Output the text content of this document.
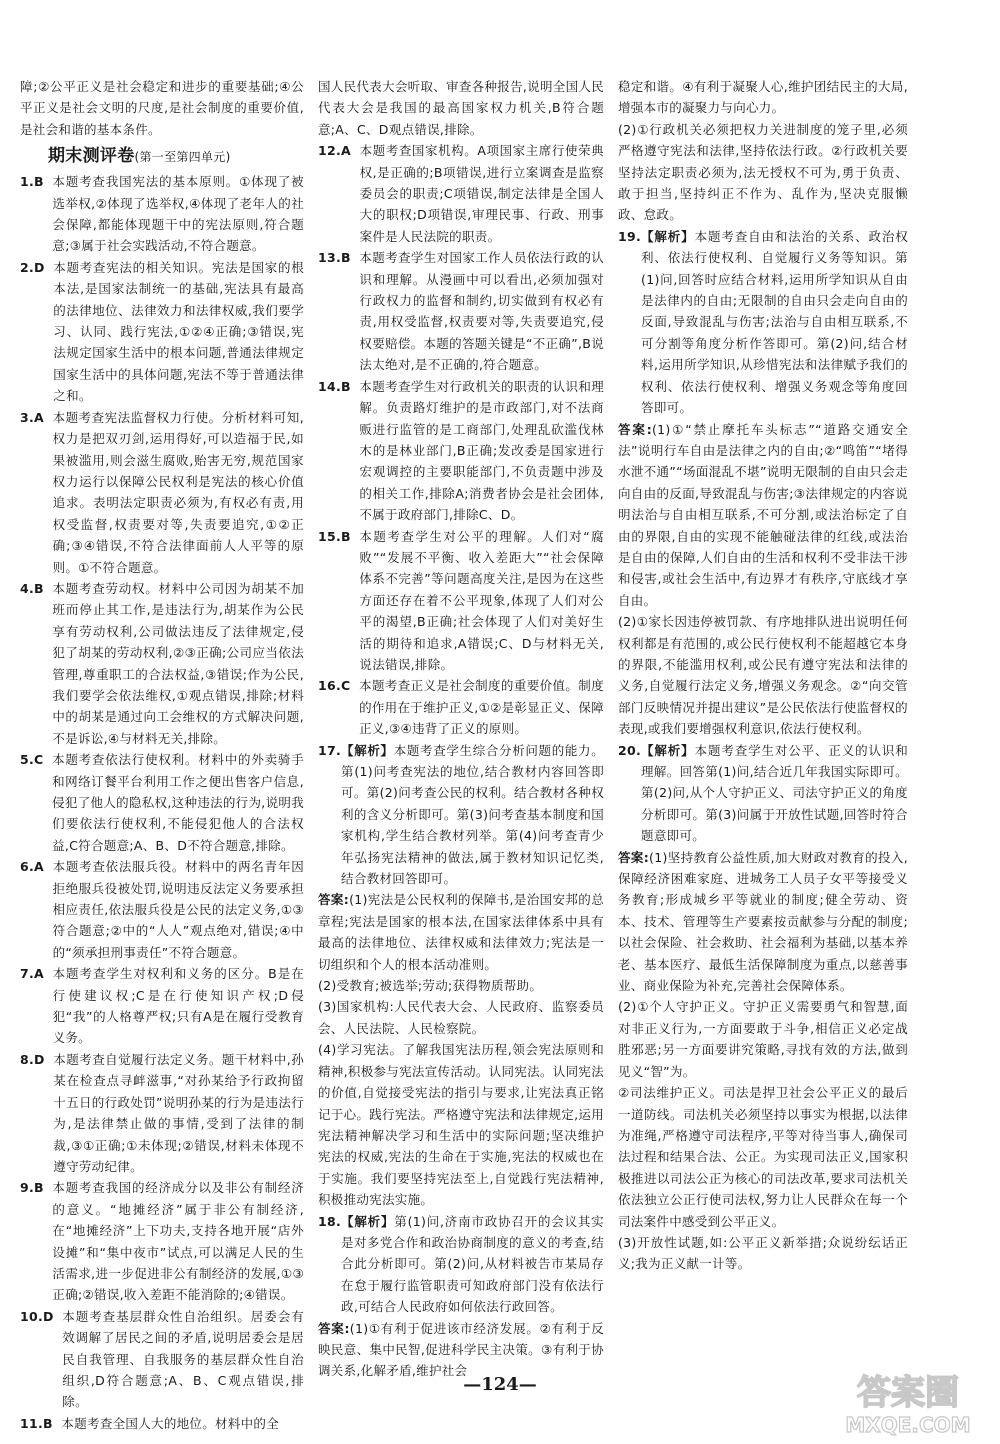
障;②公平正义是社会稳定和进步的重要基础;④公平正义是社会文明的尺度,是社会制度的重要价值,是社会和谐的基本条件。

期末测评卷(第一至第四单元)
1. B
本题考查我国宪法的基本原则。①体现了被选举权,②体现了选举权,④体现了老年人的社会保障,都能体现题干中的宪法原则,符合题意;③属于社会实践活动,不符合题意。
2. D
本题考查宪法的相关知识。宪法是国家的根本法,是国家法制统一的基础,宪法具有最高的法律地位、法律效力和法律权威,我们要学习、认同、践行宪法,①②④正确;③错误,宪法规定国家生活中的根本问题,普通法律规定国家生活中的具体问题,宪法不等于普通法律之和。
3. A
本题考查宪法监督权力行使。分析材料可知,权力是把双刃剑,运用得好,可以造福于民,如果被滥用,则会滋生腐败,贻害无穷,规范国家权力运行以保障公民权利是宪法的核心价值追求。表明法定职责必须为,有权必有责,用权受监督,权责要对等,失责要追究,①②正确;③④错误,不符合法律面前人人平等的原则。①不符合题意。
4. B
本题考查劳动权。材料中公司因为胡某不加班而停止其工作,是违法行为,胡某作为公民享有劳动权利,公司做法违反了法律规定,侵犯了胡某的劳动权利,②③正确;公司应当依法管理,尊重职工的合法权益,③错误;作为公民,我们要学会依法维权,①观点错误,排除;材料中的胡某是通过向工会维权的方式解决问题,不是诉讼,④与材料无关,排除。
5. C
本题考查依法行使权利。材料中的外卖骑手和网络订餐平台利用工作之便出售客户信息,侵犯了他人的隐私权,这种违法的行为,说明我们要依法行使权利,不能侵犯他人的合法权益,C符合题意;A、B、D不符合题意,排除。
6. A
本题考查依法服兵役。材料中的两名青年因拒绝服兵役被处罚,说明违反法定义务要承担相应责任,依法服兵役是公民的法定义务,①③符合题意;②中的“人人”观点绝对,错误;④中的“须承担刑事责任”不符合题意。
7. A
本题考查学生对权利和义务的区分。B是在行使建议权;C是在行使知识产权;D侵犯“我”的人格尊严权;只有A是在履行受教育义务。
8. D
本题考查自觉履行法定义务。题干材料中,孙某在检查点寻衅滋事,“对孙某给予行政拘留十五日的行政处罚”说明孙某的行为是违法行为,是法律禁止做的事情,受到了法律的制裁,③①正确;①未体现;②错误,材料未体现不遵守劳动纪律。
9. B
本题考查我国的经济成分以及非公有制经济的意义。“地摊经济”属于非公有制经济,在“地摊经济”上下功夫,支持各地开展“店外设摊”和“集中夜市”试点,可以满足人民的生活需求,进一步促进非公有制经济的发展,①③正确;②错误,收入差距不能消除的;④错误。
10. D
本题考查基层群众性自治组织。居委会有效调解了居民之间的矛盾,说明居委会是居民自我管理、自我服务的基层群众性自治组织,D符合题意;A、B、C观点错误,排除。
11. B
本题考查全国人大的地位。材料中的全

国人民代表大会听取、审查各种报告,说明全国人民代表大会是我国的最高国家权力机关,B符合题意;A、C、D观点错误,排除。

12. A
本题考查国家机构。A项国家主席行使荣典权,是正确的;B项错误,进行立案调查是监察委员会的职责;C项错误,制定法律是全国人大的职权;D项错误,审理民事、行政、刑事案件是人民法院的职责。
13. B
本题考查学生对国家工作人员依法行政的认识和理解。从漫画中可以看出,必须加强对行政权力的监督和制约,切实做到有权必有责,用权受监督,权责要对等,失责要追究,侵权要赔偿。本题的答题关键是“不正确”,B说法太绝对,是不正确的,符合题意。
14. B
本题考查学生对行政机关的职责的认识和理解。负责路灯维护的是市政部门,对不法商贩进行监管的是工商部门,处理乱砍滥伐林木的是林业部门,B正确;发改委是国家进行宏观调控的主要职能部门,不负责题中涉及的相关工作,排除A;消费者协会是社会团体,不属于政府部门,排除C、D。
15. B
本题考查学生对公平的理解。人们对“腐败”“发展不平衡、收入差距大”“社会保障体系不完善”等问题高度关注,是因为在这些方面还存在着不公平现象,体现了人们对公平的渴望,B正确;社会体现了人们对美好生活的期待和追求,A错误;C、D与材料无关,说法错误,排除。
16. C
本题考查正义是社会制度的重要价值。制度的作用在于维护正义,①②是彰显正义、保障正义,③④违背了正义的原则。
17. 【解析】本题考查学生综合分析问题的能力。第(1)问考查宪法的地位,结合教材内容回答即可。第(2)问考查公民的权利。结合教材各种权利的含义分析即可。第(3)问考查基本制度和国家机构,学生结合教材列举。第(4)问考查青少年弘扬宪法精神的做法,属于教材知识记忆类,结合教材回答即可。

答案:(1)宪法是公民权利的保障书,是治国安邦的总章程;宪法是国家的根本法,在国家法律体系中具有最高的法律地位、法律权威和法律效力;宪法是一切组织和个人的根本活动准则。

(2)受教育;被选举;劳动;获得物质帮助。

(3)国家机构:人民代表大会、人民政府、监察委员会、人民法院、人民检察院。

(4)学习宪法。了解我国宪法历程,领会宪法原则和精神,积极参与宪法宣传活动。认同宪法。认同宪法的价值,自觉接受宪法的指引与要求,让宪法真正铭记于心。践行宪法。严格遵守宪法和法律规定,运用宪法精神解决学习和生活中的实际问题;坚决维护宪法的权威,宪法的生命在于实施,宪法的权威也在于实施。我们要坚持宪法至上,自觉践行宪法精神,积极推动宪法实施。

18. 【解析】第(1)问,济南市政协召开的会议其实是对多党合作和政治协商制度的意义的考查,结合此分析即可。第(2)问,从材料被告市某局存在怠于履行监管职责可知政府部门没有依法行政,可结合人民政府如何依法行政回答。

答案:(1)①有利于促进该市经济发展。②有利于反映民意、集中民智,促进科学民主决策。③有利于协调关系,化解矛盾,维护社会

稳定和谐。④有利于凝聚人心,维护团结民主的大局,增强本市的凝聚力与向心力。

(2)①行政机关必须把权力关进制度的笼子里,必须严格遵守宪法和法律,坚持依法行政。②行政机关要坚持法定职责必须为,法无授权不可为,勇于负责、敢于担当,坚持纠正不作为、乱作为,坚决克服懒政、怠政。

19. 【解析】本题考查自由和法治的关系、政治权利、依法行使权利、自觉履行义务等知识。第(1)问,回答时应结合材料,运用所学知识从自由是法律内的自由;无限制的自由只会走向自由的反面,导致混乱与伤害;法治与自由相互联系,不可分割等角度分析作答即可。第(2)问,结合材料,运用所学知识,从珍惜宪法和法律赋予我们的权利、依法行使权利、增强义务观念等角度回答即可。

答案:(1)①“禁止摩托车头标志”“道路交通安全法”说明行车自由是法律之内的自由;②“鸣笛”“堵得水泄不通”“场面混乱不堪”说明无限制的自由只会走向自由的反面,导致混乱与伤害;③法律规定的内容说明法治与自由相互联系,不可分割,或法治标定了自由的界限,自由的实现不能触碰法律的红线,或法治是自由的保障,人们自由的生活和权利不受非法干涉和侵害,或社会生活中,有边界才有秩序,守底线才享自由。

(2)①家长因违停被罚款、有序地排队进出说明任何权利都是有范围的,或公民行使权利不能超越它本身的界限,不能滥用权利,或公民有遵守宪法和法律的义务,自觉履行法定义务,增强义务观念。②“向交管部门反映情况并提出建议”是公民依法行使监督权的表现,或我们要增强权利意识,依法行使权利。

20. 【解析】本题考查学生对公平、正义的认识和理解。回答第(1)问,结合近几年我国实际即可。第(2)问,从个人守护正义、司法守护正义的角度分析即可。第(3)问属于开放性试题,回答时符合题意即可。

答案:(1)坚持教育公益性质,加大财政对教育的投入,保障经济困难家庭、进城务工人员子女平等接受义务教育;形成城乡平等就业的制度;健全劳动、资本、技术、管理等生产要素按贡献参与分配的制度;以社会保险、社会救助、社会福利为基础,以基本养老、基本医疗、最低生活保障制度为重点,以慈善事业、商业保险为补充,完善社会保障体系。

(2)①个人守护正义。守护正义需要勇气和智慧,面对非正义行为,一方面要敢于斗争,相信正义必定战胜邪恶;另一方面要讲究策略,寻找有效的方法,做到见义“智”为。

②司法维护正义。司法是捍卫社会公平正义的最后一道防线。司法机关必须坚持以事实为根据,以法律为准绳,严格遵守司法程序,平等对待当事人,确保司法过程和结果合法、公正。为实现司法正义,国家积极推进以司法公正为核心的司法改革,要求司法机关依法独立公正行使司法权,努力让人民群众在每一个司法案件中感受到公平正义。

(3)开放性试题,如:公平正义新举措;众说纷纭话正义;我为正义献一计等。

—124—	答案圈
MXQE.COM
